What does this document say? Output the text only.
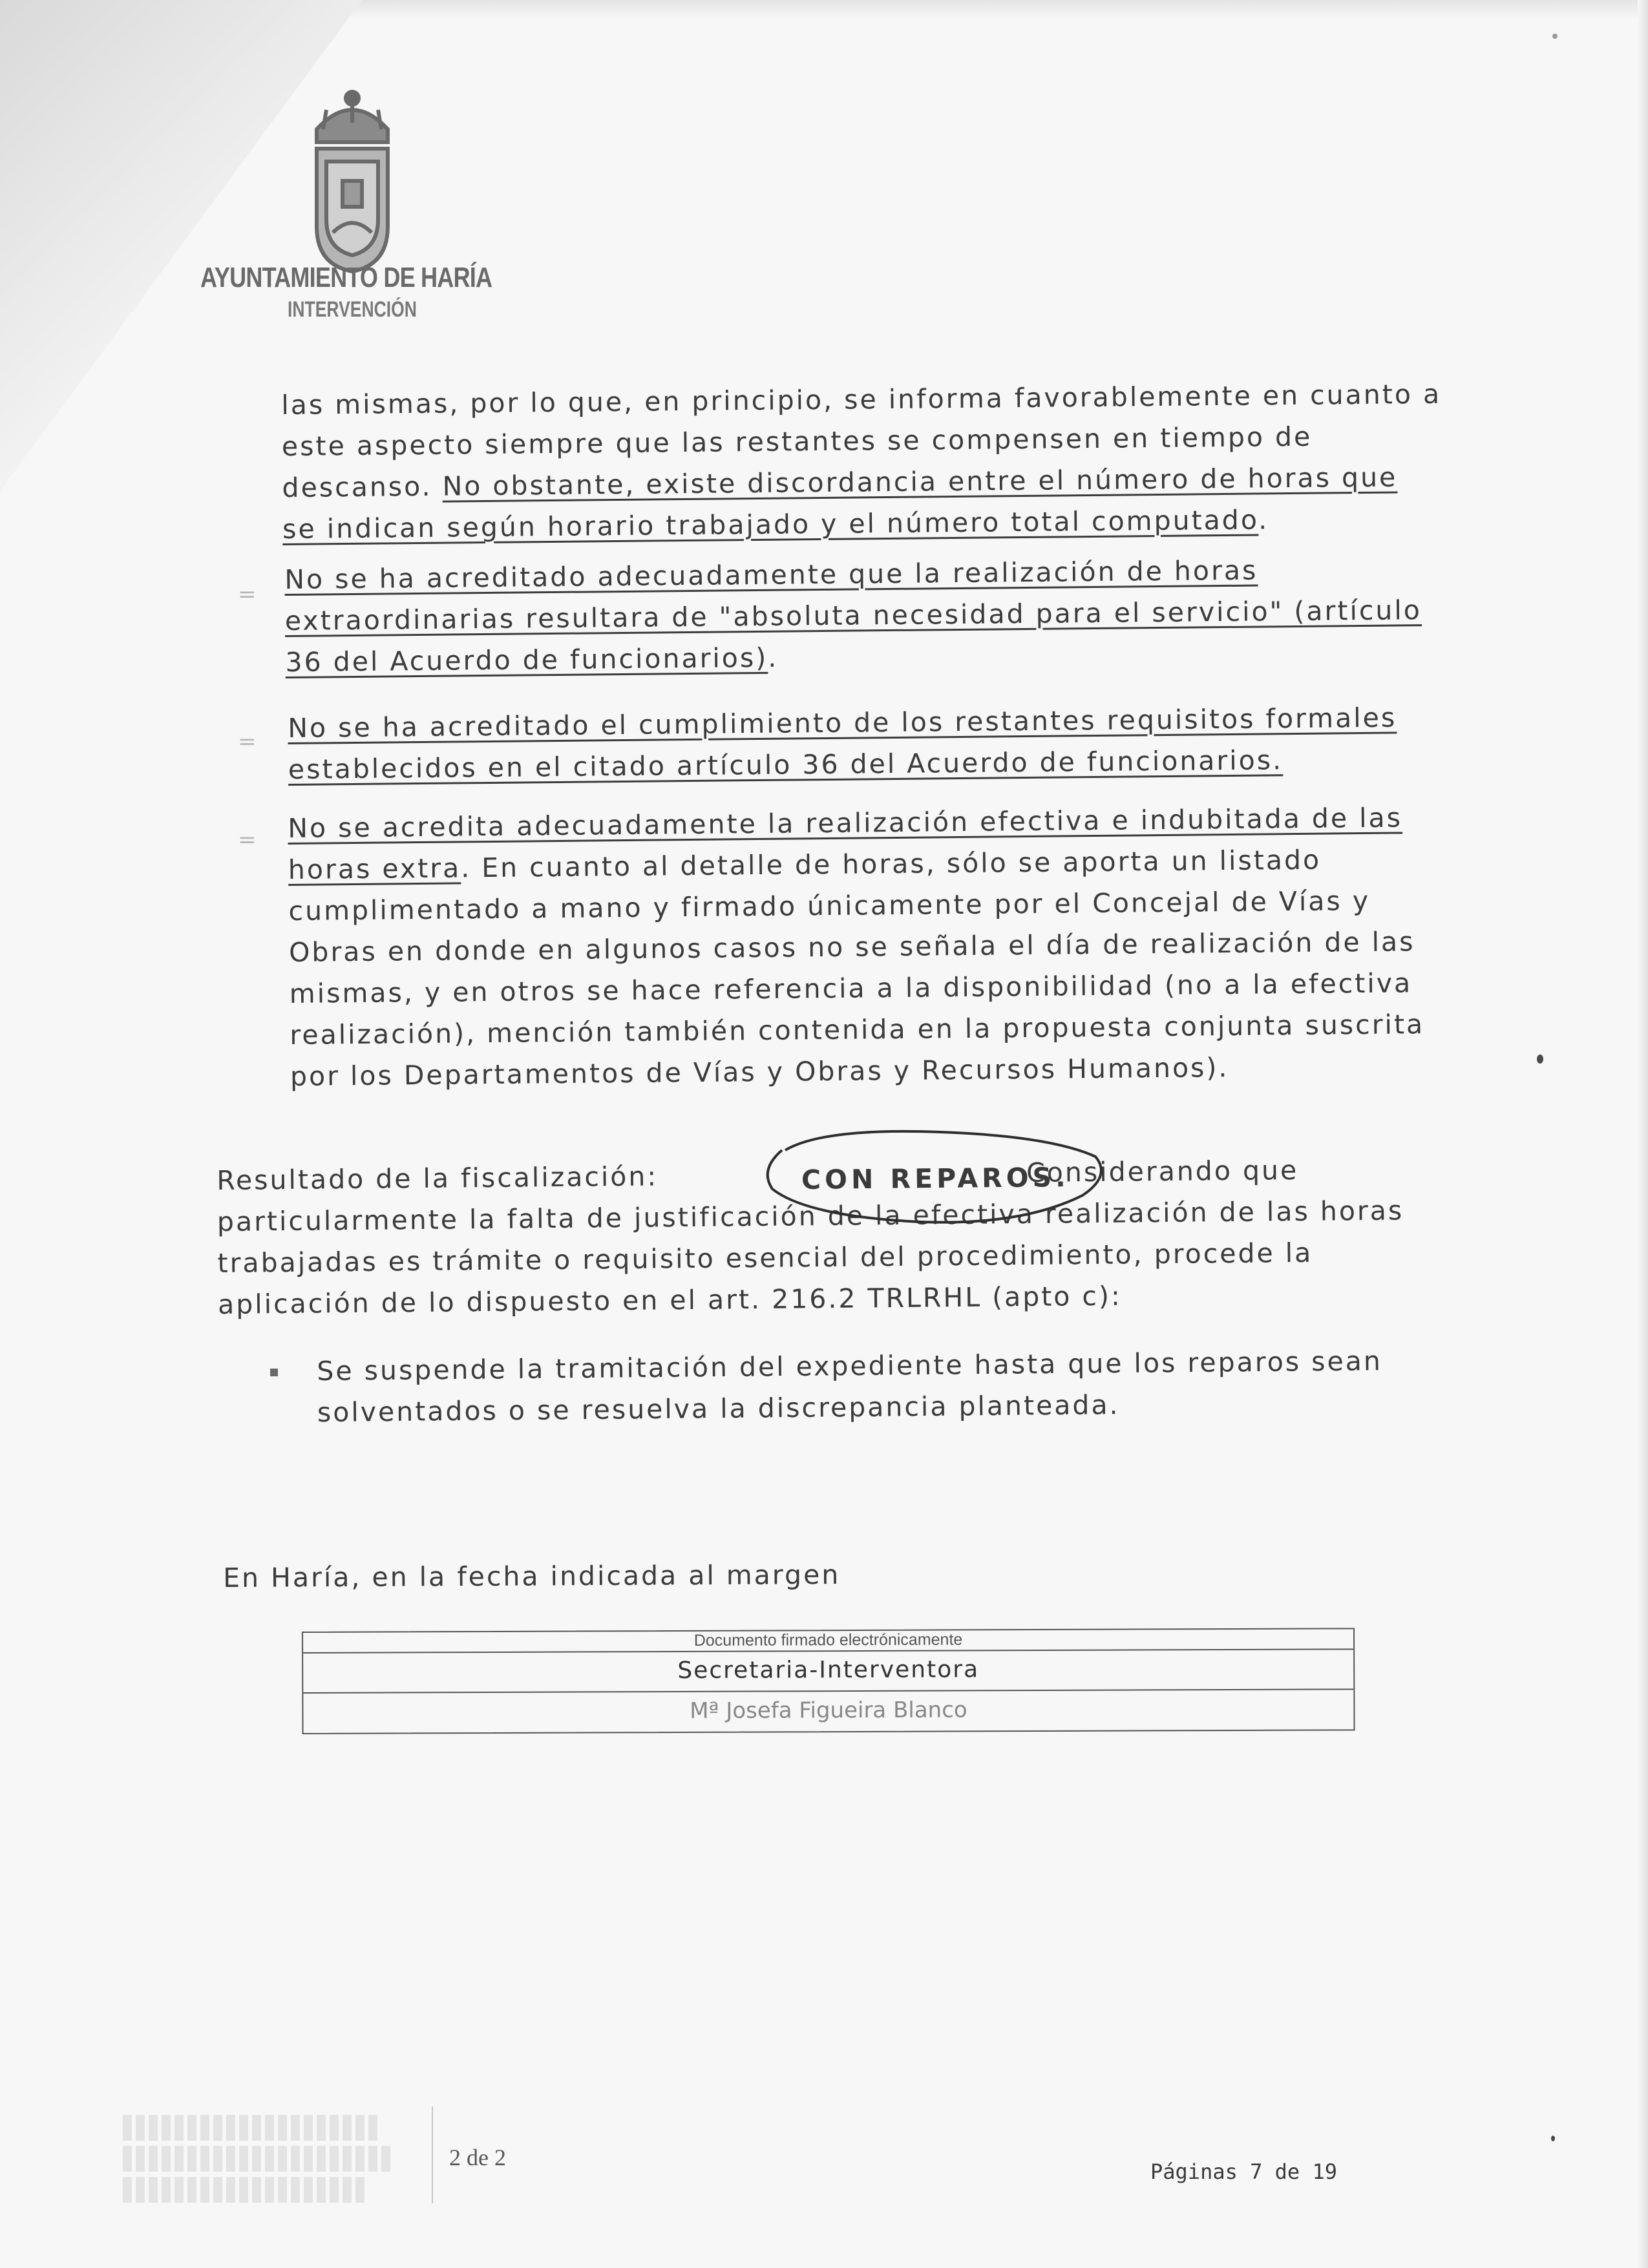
AYUNTAMIENTO DE HARÍA
INTERVENCIÓN
las mismas, por lo que, en principio, se informa favorablemente en cuanto a
este aspecto siempre que las restantes se compensen en tiempo de
descanso. No obstante, existe discordancia entre el número de horas que
se indican según horario trabajado y el número total computado.
= No se ha acreditado adecuadamente que la realización de horas
extraordinarias resultara de "absoluta necesidad para el servicio" (artículo
36 del Acuerdo de funcionarios).
= No se ha acreditado el cumplimiento de los restantes requisitos formales
establecidos en el citado artículo 36 del Acuerdo de funcionarios.
= No se acredita adecuadamente la realización efectiva e indubitada de las
horas extra. En cuanto al detalle de horas, sólo se aporta un listado
cumplimentado a mano y firmado únicamente por el Concejal de Vías y
Obras en donde en algunos casos no se señala el día de realización de las
mismas, y en otros se hace referencia a la disponibilidad (no a la efectiva
realización), mención también contenida en la propuesta conjunta suscrita
por los Departamentos de Vías y Obras y Recursos Humanos).
Resultado de la fiscalización:	Considerando que
particularmente la falta de justificación de la efectiva realización de las horas
trabajadas es trámite o requisito esencial del procedimiento, procede la
aplicación de lo dispuesto en el art. 216.2 TRLRHL (apto c):
CON REPAROS.
Se suspende la tramitación del expediente hasta que los reparos sean
solventados o se resuelva la discrepancia planteada.
En Haría, en la fecha indicada al margen
Documento firmado electrónicamente
Secretaria-Interventora
Mª Josefa Figueira Blanco
2 de 2
Páginas 7 de 19
